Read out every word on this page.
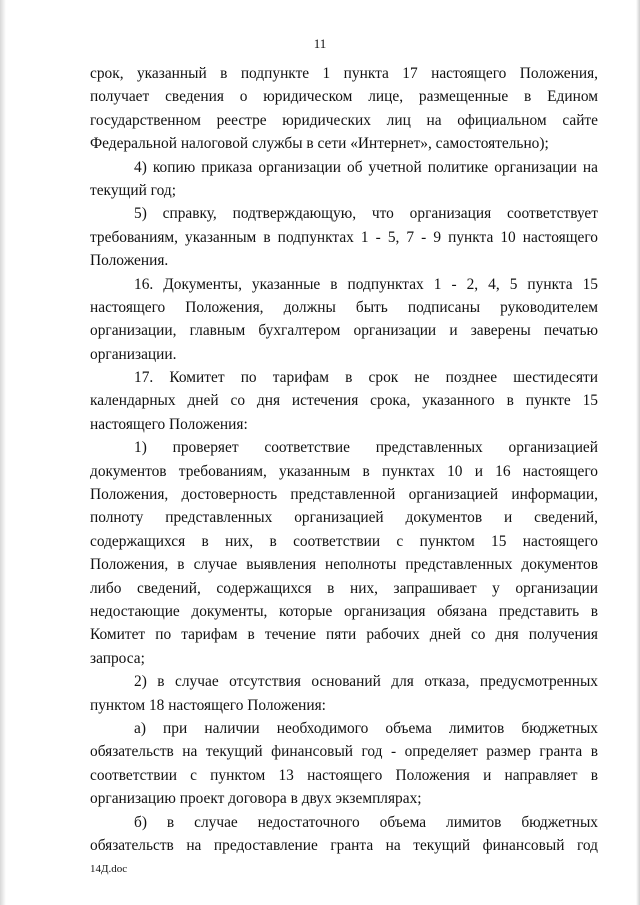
11
срок, указанный в подпункте 1 пункта 17 настоящего Положения,
получает сведения о юридическом лице, размещенные в Едином
государственном реестре юридических лиц на официальном сайте
Федеральной налоговой службы в сети «Интернет», самостоятельно);
4) копию приказа организации об учетной политике организации на
текущий год;
5) справку, подтверждающую, что организация соответствует
требованиям, указанным в подпунктах 1 - 5, 7 - 9 пункта 10 настоящего
Положения.
16. Документы, указанные в подпунктах 1 - 2, 4, 5 пункта 15
настоящего Положения, должны быть подписаны руководителем
организации, главным бухгалтером организации и заверены печатью
организации.
17. Комитет по тарифам в срок не позднее шестидесяти
календарных дней со дня истечения срока, указанного в пункте 15
настоящего Положения:
1) проверяет соответствие представленных организацией
документов требованиям, указанным в пунктах 10 и 16 настоящего
Положения, достоверность представленной организацией информации,
полноту представленных организацией документов и сведений,
содержащихся в них, в соответствии с пунктом 15 настоящего
Положения, в случае выявления неполноты представленных документов
либо сведений, содержащихся в них, запрашивает у организации
недостающие документы, которые организация обязана представить в
Комитет по тарифам в течение пяти рабочих дней со дня получения
запроса;
2) в случае отсутствия оснований для отказа, предусмотренных
пунктом 18 настоящего Положения:
а) при наличии необходимого объема лимитов бюджетных
обязательств на текущий финансовый год - определяет размер гранта в
соответствии с пунктом 13 настоящего Положения и направляет в
организацию проект договора в двух экземплярах;
б) в случае недостаточного объема лимитов бюджетных
обязательств на предоставление гранта на текущий финансовый год
14Д.doc
